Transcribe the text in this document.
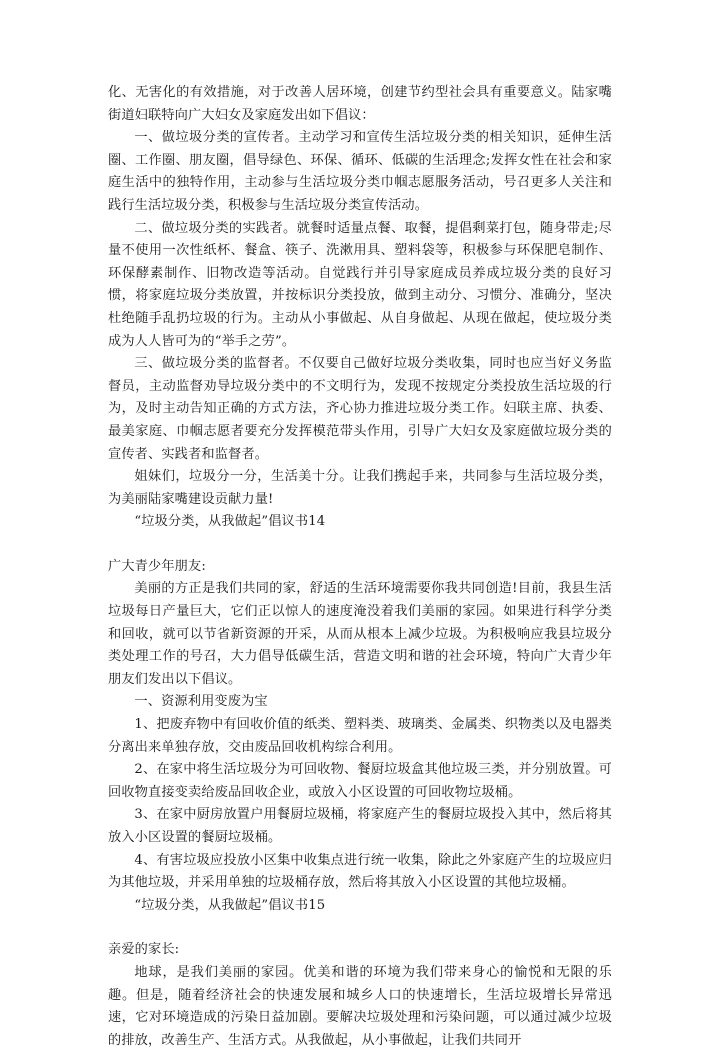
化、无害化的有效措施，对于改善人居环境，创建节约型社会具有重要意义。陆家嘴街道妇联特向广大妇女及家庭发出如下倡议：

一、做垃圾分类的宣传者。主动学习和宣传生活垃圾分类的相关知识，延伸生活圈、工作圈、朋友圈，倡导绿色、环保、循环、低碳的生活理念;发挥女性在社会和家庭生活中的独特作用，主动参与生活垃圾分类巾帼志愿服务活动，号召更多人关注和践行生活垃圾分类，积极参与生活垃圾分类宣传活动。

二、做垃圾分类的实践者。就餐时适量点餐、取餐，提倡剩菜打包，随身带走;尽量不使用一次性纸杯、餐盒、筷子、洗漱用具、塑料袋等，积极参与环保肥皂制作、环保酵素制作、旧物改造等活动。自觉践行并引导家庭成员养成垃圾分类的良好习惯，将家庭垃圾分类放置，并按标识分类投放，做到主动分、习惯分、准确分，坚决杜绝随手乱扔垃圾的行为。主动从小事做起、从自身做起、从现在做起，使垃圾分类成为人人皆可为的“举手之劳”。

三、做垃圾分类的监督者。不仅要自己做好垃圾分类收集，同时也应当好义务监督员，主动监督劝导垃圾分类中的不文明行为，发现不按规定分类投放生活垃圾的行为，及时主动告知正确的方式方法，齐心协力推进垃圾分类工作。妇联主席、执委、最美家庭、巾帼志愿者要充分发挥模范带头作用，引导广大妇女及家庭做垃圾分类的宣传者、实践者和监督者。

姐妹们，垃圾分一分，生活美十分。让我们携起手来，共同参与生活垃圾分类，为美丽陆家嘴建设贡献力量!

“垃圾分类，从我做起”倡议书14

广大青少年朋友:

美丽的方正是我们共同的家，舒适的生活环境需要你我共同创造!目前，我县生活垃圾每日产量巨大，它们正以惊人的速度淹没着我们美丽的家园。如果进行科学分类和回收，就可以节省新资源的开采，从而从根本上减少垃圾。为积极响应我县垃圾分类处理工作的号召，大力倡导低碳生活，营造文明和谐的社会环境，特向广大青少年朋友们发出以下倡议。

一、资源利用变废为宝

1、把废弃物中有回收价值的纸类、塑料类、玻璃类、金属类、织物类以及电器类分离出来单独存放，交由废品回收机构综合利用。

2、在家中将生活垃圾分为可回收物、餐厨垃圾盒其他垃圾三类，并分别放置。可回收物直接变卖给废品回收企业，或放入小区设置的可回收物垃圾桶。

3、在家中厨房放置户用餐厨垃圾桶，将家庭产生的餐厨垃圾投入其中，然后将其放入小区设置的餐厨垃圾桶。

4、有害垃圾应投放小区集中收集点进行统一收集，除此之外家庭产生的垃圾应归为其他垃圾，并采用单独的垃圾桶存放，然后将其放入小区设置的其他垃圾桶。

“垃圾分类，从我做起”倡议书15

亲爱的家长:

地球，是我们美丽的家园。优美和谐的环境为我们带来身心的愉悦和无限的乐趣。但是，随着经济社会的快速发展和城乡人口的快速增长，生活垃圾增长异常迅速，它对环境造成的污染日益加剧。要解决垃圾处理和污染问题，可以通过减少垃圾的排放，改善生产、生活方式。从我做起，从小事做起，让我们共同开
